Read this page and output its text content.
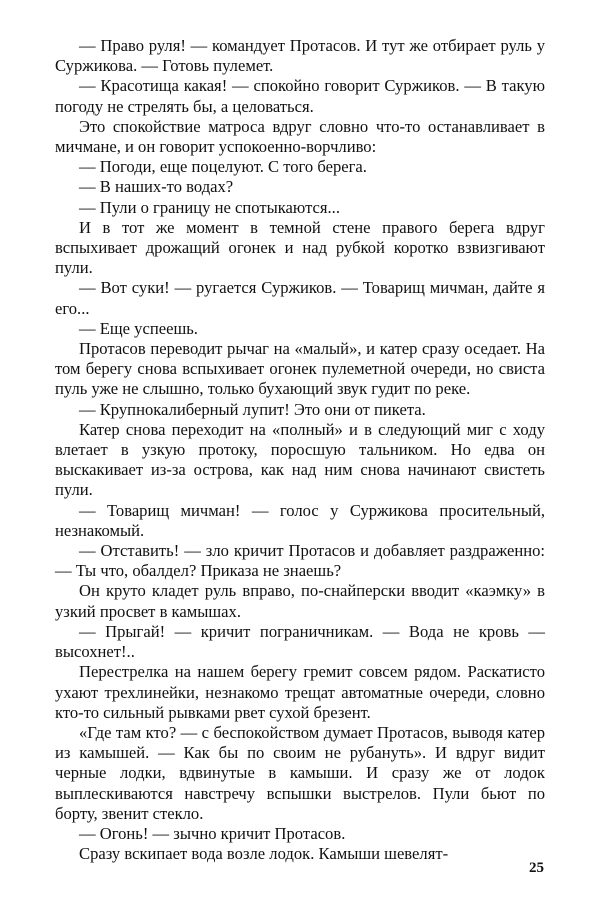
— Право руля! — командует Протасов. И тут же отбирает руль у Суржикова. — Готовь пулемет.

— Красотища какая! — спокойно говорит Суржиков. — В такую погоду не стрелять бы, а целоваться.

Это спокойствие матроса вдруг словно что-то останавливает в мичмане, и он говорит успокоенно-ворчливо:

— Погоди, еще поцелуют. С того берега.

— В наших-то водах?

— Пули о границу не спотыкаются...

И в тот же момент в темной стене правого берега вдруг вспыхивает дрожащий огонек и над рубкой коротко взвизгивают пули.

— Вот суки! — ругается Суржиков. — Товарищ мичман, дайте я его...

— Еще успеешь.

Протасов переводит рычаг на «малый», и катер сразу оседает. На том берегу снова вспыхивает огонек пулеметной очереди, но свиста пуль уже не слышно, только бухающий звук гудит по реке.

— Крупнокалиберный лупит! Это они от пикета.

Катер снова переходит на «полный» и в следующий миг с ходу влетает в узкую протоку, поросшую тальником. Но едва он выскакивает из-за острова, как над ним снова начинают свистеть пули.

— Товарищ мичман! — голос у Суржикова просительный, незнакомый.

— Отставить! — зло кричит Протасов и добавляет раздраженно: — Ты что, обалдел? Приказа не знаешь?

Он круто кладет руль вправо, по-снайперски вводит «каэмку» в узкий просвет в камышах.

— Прыгай! — кричит пограничникам. — Вода не кровь — высохнет!..

Перестрелка на нашем берегу гремит совсем рядом. Раскатисто ухают трехлинейки, незнакомо трещат автоматные очереди, словно кто-то сильный рывками рвет сухой брезент.

«Где там кто? — с беспокойством думает Протасов, выводя катер из камышей. — Как бы по своим не рубануть». И вдруг видит черные лодки, вдвинутые в камыши. И сразу же от лодок выплескиваются навстречу вспышки выстрелов. Пули бьют по борту, звенит стекло.

— Огонь! — зычно кричит Протасов.

Сразу вскипает вода возле лодок. Камыши шевелят-

25
